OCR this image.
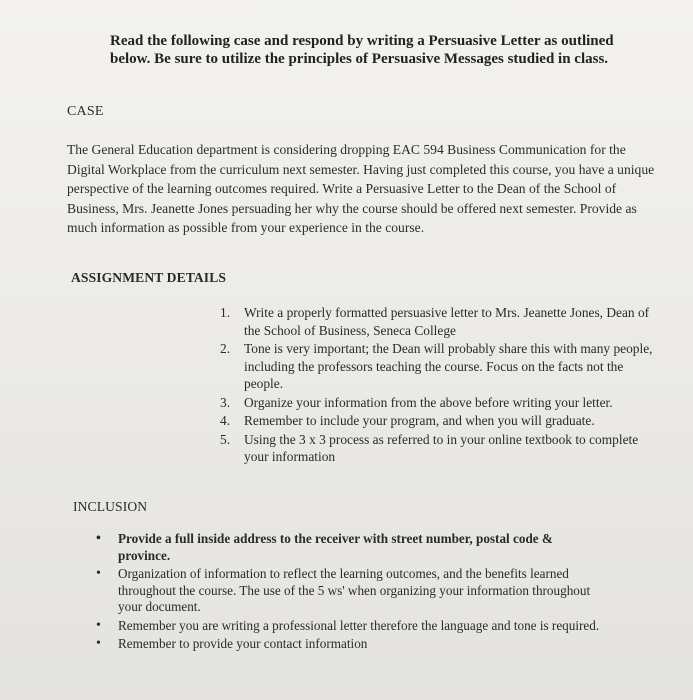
Read the following case and respond by writing a Persuasive Letter as outlined below. Be sure to utilize the principles of Persuasive Messages studied in class.
CASE
The General Education department is considering dropping EAC 594 Business Communication for the Digital Workplace from the curriculum next semester. Having just completed this course, you have a unique perspective of the learning outcomes required. Write a Persuasive Letter to the Dean of the School of Business, Mrs. Jeanette Jones persuading her why the course should be offered next semester. Provide as much information as possible from your experience in the course.
ASSIGNMENT DETAILS
1. Write a properly formatted persuasive letter to Mrs. Jeanette Jones, Dean of the School of Business, Seneca College
2. Tone is very important; the Dean will probably share this with many people, including the professors teaching the course. Focus on the facts not the people.
3. Organize your information from the above before writing your letter.
4. Remember to include your program, and when you will graduate.
5. Using the 3 x 3 process as referred to in your online textbook to complete your information
INCLUSION
• Provide a full inside address to the receiver with street number, postal code & province.
• Organization of information to reflect the learning outcomes, and the benefits learned throughout the course. The use of the 5 ws' when organizing your information throughout your document.
• Remember you are writing a professional letter therefore the language and tone is required.
• Remember to provide your contact information
